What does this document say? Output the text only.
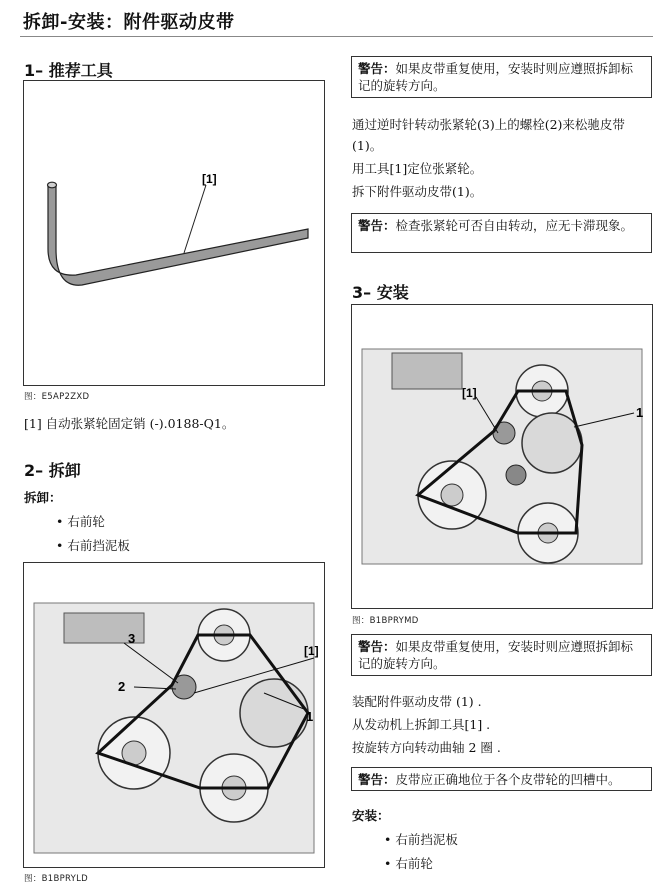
拆卸-安装：附件驱动皮带
1– 推荐工具
[1]
图：E5AP2ZXD
[1] 自动张紧轮固定销 (-).0188-Q1。
2– 拆卸
拆卸：
• 右前轮
• 右前挡泥板
3
2
[1]
1
图：B1BPRYLD
警告：如果皮带重复使用，安装时则应遵照拆卸标记的旋转方向。
通过逆时针转动张紧轮(3)上的螺栓(2)来松驰皮带(1)。
用工具[1]定位张紧轮。
拆下附件驱动皮带(1)。
警告：检查张紧轮可否自由转动，应无卡滞现象。
3– 安装
[1]
1
图：B1BPRYMD
警告：如果皮带重复使用，安装时则应遵照拆卸标记的旋转方向。
装配附件驱动皮带 (1) .
从发动机上拆卸工具[1] .
按旋转方向转动曲轴 2 圈 .
警告：皮带应正确地位于各个皮带轮的凹槽中。
安装：
• 右前挡泥板
• 右前轮
